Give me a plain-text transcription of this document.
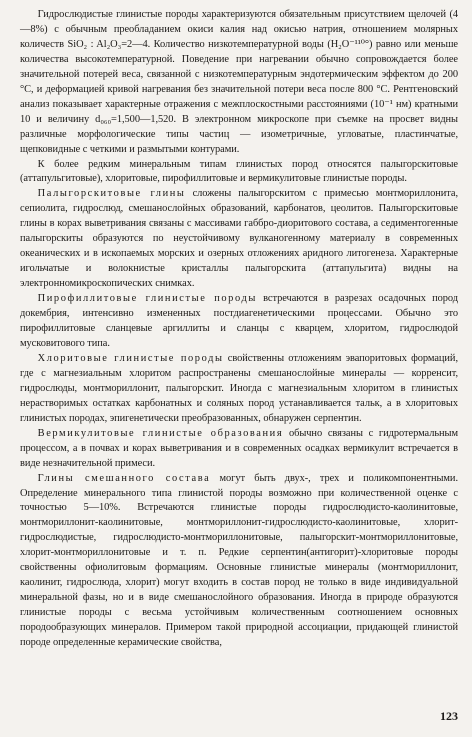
Гидрослюдистые глинистые породы характеризуются обязательным присутствием щелочей (4—8%) с обычным преобладанием окиси калия над окисью натрия, отношением молярных количеств SiO₂ : Al₂O₃=2—4. Количество низкотемпературной воды (H₂O⁻¹¹⁰°) равно или меньше количества высокотемпературной. Поведение при нагревании обычно сопровождается более значительной потерей веса, связанной с низкотемпературным эндотермическим эффектом до 200 °C, и деформацией кривой нагревания без значительной потери веса после 800 °C. Рентгеновский анализ показывает характерные отражения с межплоскостными расстояниями (10⁻¹ нм) кратными 10 и величину d₀₆₀=1,500—1,520. В электронном микроскопе при съемке на просвет видны различные морфологические типы частиц — изометричные, угловатые, пластинчатые, щепковидные с четкими и размытыми контурами.

К более редким минеральным типам глинистых пород относятся палыгорскитовые (аттапульгитовые), хлоритовые, пирофиллитовые и вермикулитовые глинистые породы.

Палыгорскитовые глины сложены палыгорскитом с примесью монтмориллонита, сепиолита, гидрослюд, смешанослойных образований, карбонатов, цеолитов. Палыгорскитовые глины в корах выветривания связаны с массивами габбро-диоритового состава, а седиментогенные палыгорскиты образуются по неустойчивому вулканогенному материалу в современных океанических и в ископаемых морских и озерных отложениях аридного литогенеза. Характерные игольчатые и волокнистые кристаллы палыгорскита (аттапульгита) видны на электронномикроскопических снимках.

Пирофиллитовые глинистые породы встречаются в разрезах осадочных пород докембрия, интенсивно измененных постдиагенетическими процессами. Обычно это пирофиллитовые сланцевые аргиллиты и сланцы с кварцем, хлоритом, гидрослюдой мусковитового типа.

Хлоритовые глинистые породы свойственны отложениям эвапоритовых формаций, где с магнезиальным хлоритом распространены смешанослойные минералы — корренсит, гидрослюды, монтмориллонит, палыгорскит. Иногда с магнезиальным хлоритом в глинистых нерастворимых остатках карбонатных и соляных пород устанавливается тальк, а в хлоритовых глинистых породах, эпигенетически преобразованных, обнаружен серпентин.

Вермикулитовые глинистые образования обычно связаны с гидротермальным процессом, а в почвах и корах выветривания и в современных осадках вермикулит встречается в виде незначительной примеси.

Глины смешанного состава могут быть двух-, трех и поликомпонентными. Определение минерального типа глинистой породы возможно при количественной оценке с точностью 5—10%. Встречаются глинистые породы гидрослюдисто-каолинитовые, монтмориллонит-каолинитовые, монтмориллонит-гидрослюдисто-каолинитовые, хлорит-гидрослюдистые, гидрослюдисто-монтмориллонитовые, палыгорскит-монтмориллонитовые, хлорит-монтмориллонитовые и т. п. Редкие серпентин(антигорит)-хлоритовые породы свойственны офиолитовым формациям. Основные глинистые минералы (монтмориллонит, каолинит, гидрослюда, хлорит) могут входить в состав пород не только в виде индивидуальной минеральной фазы, но и в виде смешанослойного образования. Иногда в природе образуются глинистые породы с весьма устойчивым количественным соотношением основных породообразующих минералов. Примером такой природной ассоциации, придающей глинистой породе определенные керамические свойства,

123
